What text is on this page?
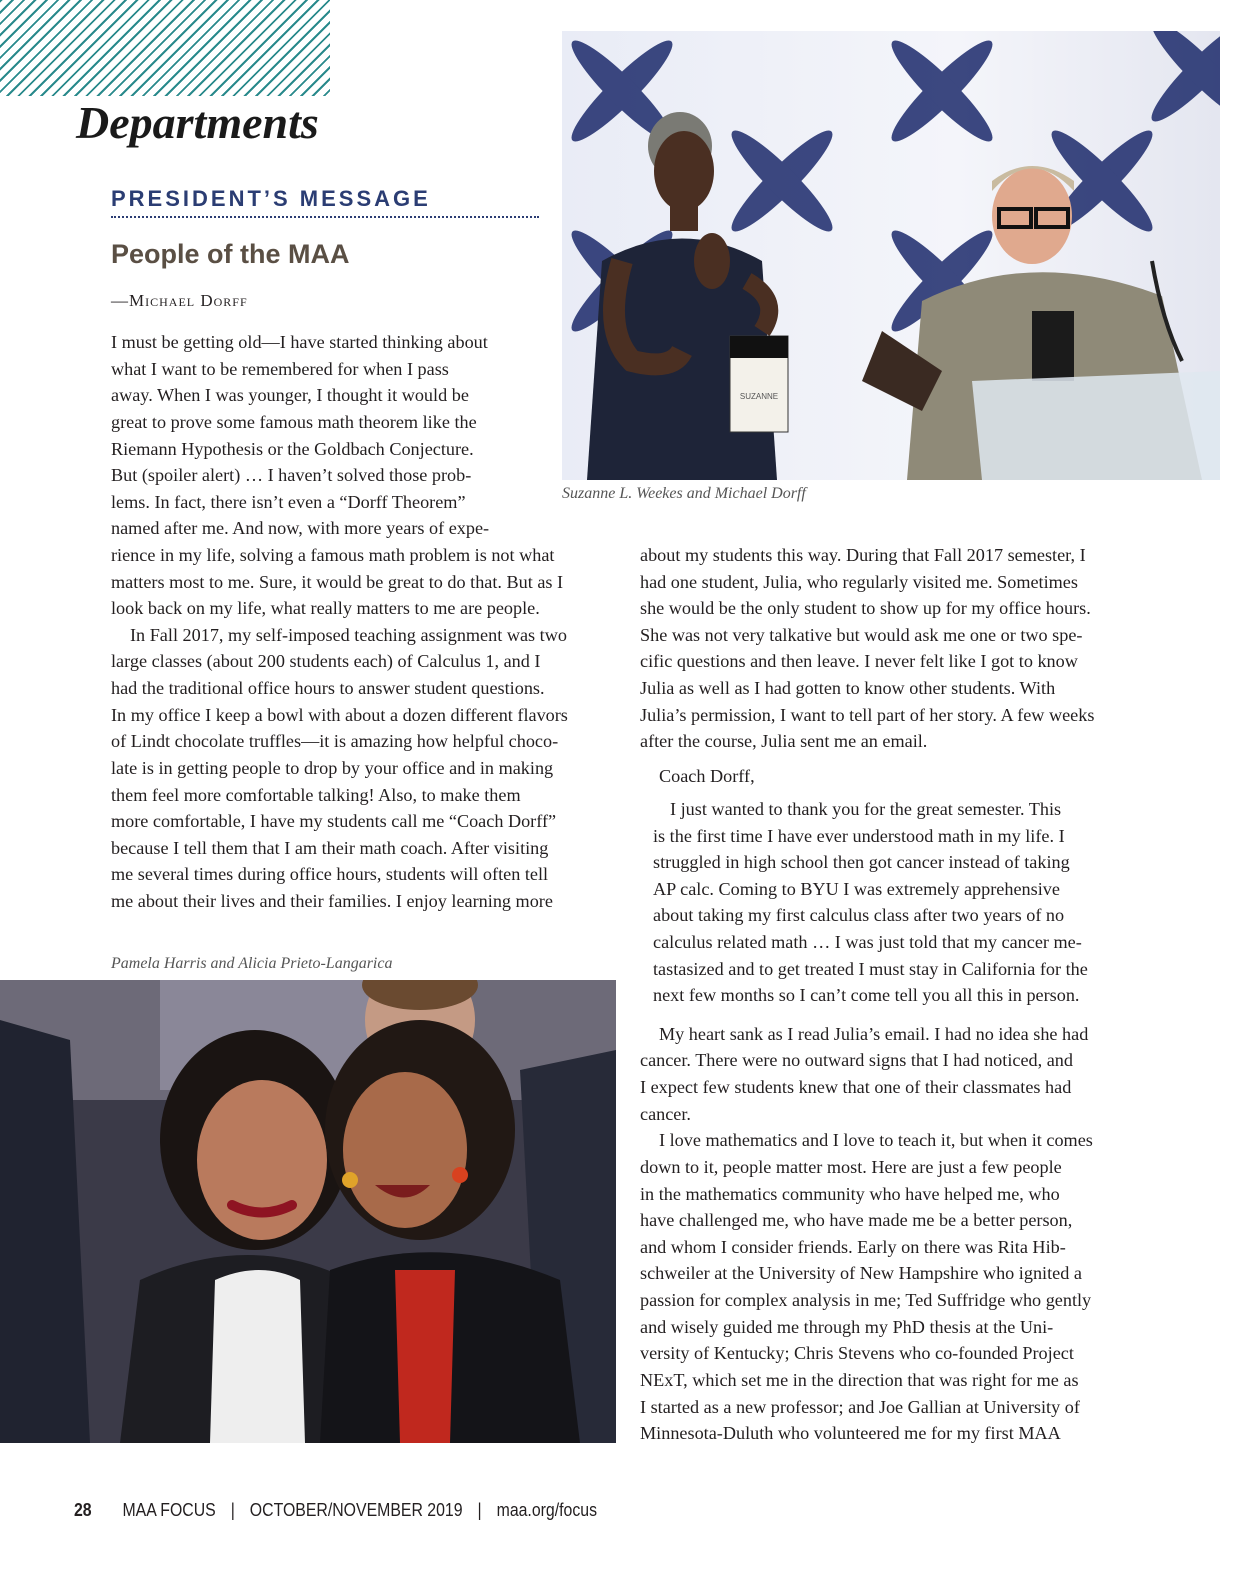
Departments
PRESIDENT’S MESSAGE
People of the MAA
—Michael Dorff
SUZANNE
Suzanne L. Weekes and Michael Dorff
I must be getting old—I have started thinking about
what I want to be remembered for when I pass
away. When I was younger, I thought it would be
great to prove some famous math theorem like the
Riemann Hypothesis or the Goldbach Conjecture.
But (spoiler alert) … I haven’t solved those prob-
lems. In fact, there isn’t even a “Dorff Theorem”
named after me. And now, with more years of expe-
rience in my life, solving a famous math problem is not what
matters most to me. Sure, it would be great to do that. But as I
look back on my life, what really matters to me are people.
In Fall 2017, my self-imposed teaching assignment was two
large classes (about 200 students each) of Calculus 1, and I
had the traditional office hours to answer student questions.
In my office I keep a bowl with about a dozen different flavors
of Lindt chocolate truffles—it is amazing how helpful choco-
late is in getting people to drop by your office and in making
them feel more comfortable talking! Also, to make them
more comfortable, I have my students call me “Coach Dorff”
because I tell them that I am their math coach. After visiting
me several times during office hours, students will often tell
me about their lives and their families. I enjoy learning more
Pamela Harris and Alicia Prieto-Langarica
about my students this way. During that Fall 2017 semester, I
had one student, Julia, who regularly visited me. Sometimes
she would be the only student to show up for my office hours.
She was not very talkative but would ask me one or two spe-
cific questions and then leave. I never felt like I got to know
Julia as well as I had gotten to know other students. With
Julia’s permission, I want to tell part of her story. A few weeks
after the course, Julia sent me an email.
Coach Dorff,
I just wanted to thank you for the great semester. This
is the first time I have ever understood math in my life. I
struggled in high school then got cancer instead of taking
AP calc. Coming to BYU I was extremely apprehensive
about taking my first calculus class after two years of no
calculus related math … I was just told that my cancer me-
tastasized and to get treated I must stay in California for the
next few months so I can’t come tell you all this in person.
My heart sank as I read Julia’s email. I had no idea she had
cancer. There were no outward signs that I had noticed, and
I expect few students knew that one of their classmates had
cancer.
I love mathematics and I love to teach it, but when it comes
down to it, people matter most. Here are just a few people
in the mathematics community who have helped me, who
have challenged me, who have made me be a better person,
and whom I consider friends. Early on there was Rita Hib-
schweiler at the University of New Hampshire who ignited a
passion for complex analysis in me; Ted Suffridge who gently
and wisely guided me through my PhD thesis at the Uni-
versity of Kentucky; Chris Stevens who co-founded Project
NExT, which set me in the direction that was right for me as
I started as a new professor; and Joe Gallian at University of
Minnesota-Duluth who volunteered me for my first MAA
28 MAA FOCUS | OCTOBER/NOVEMBER 2019 | maa.org/focus
